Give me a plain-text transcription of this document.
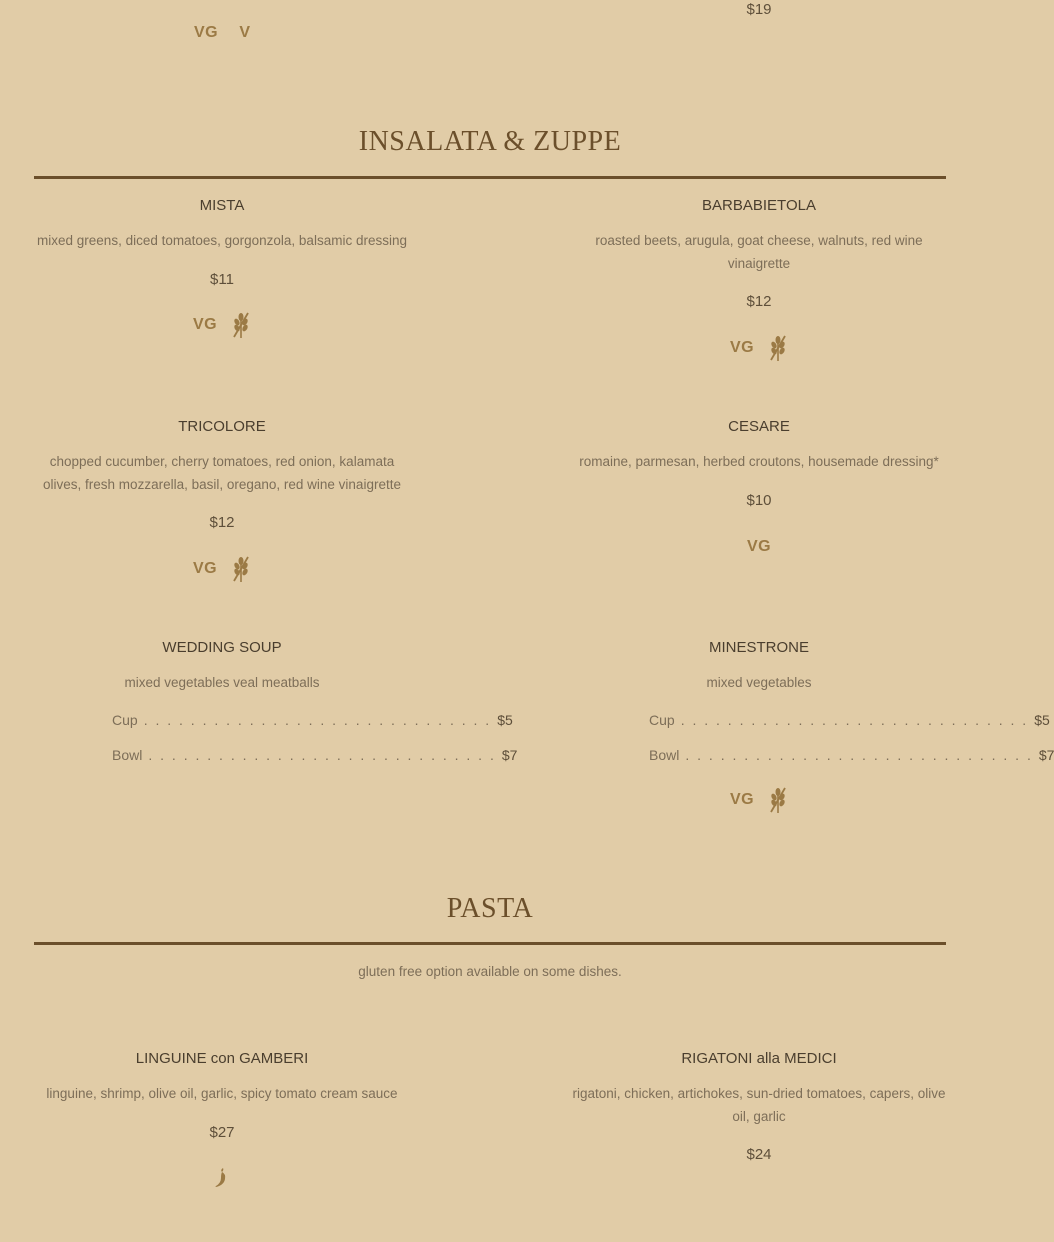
VG V
$19
INSALATA & ZUPPE
MISTA
mixed greens, diced tomatoes, gorgonzola, balsamic dressing
$11
VG
BARBABIETOLA
roasted beets, arugula, goat cheese, walnuts, red wine
vinaigrette
$12
VG
TRICOLORE
chopped cucumber, cherry tomatoes, red onion, kalamata
olives, fresh mozzarella, basil, oregano, red wine vinaigrette
$12
VG
CESARE
romaine, parmesan, herbed croutons, housemade dressing*
$10
VG
WEDDING SOUP
mixed vegetables veal meatballs
Cup . . . . . . . . . . . . . . . . . . . . . . . . . . . . . . $5
Bowl . . . . . . . . . . . . . . . . . . . . . . . . . . . . . . $7
MINESTRONE
mixed vegetables
Cup . . . . . . . . . . . . . . . . . . . . . . . . . . . . . . $5
Bowl . . . . . . . . . . . . . . . . . . . . . . . . . . . . . . $7
VG
PASTA
gluten free option available on some dishes.
LINGUINE con GAMBERI
linguine, shrimp, olive oil, garlic, spicy tomato cream sauce
$27
RIGATONI alla MEDICI
rigatoni, chicken, artichokes, sun-dried tomatoes, capers, olive
oil, garlic
$24
